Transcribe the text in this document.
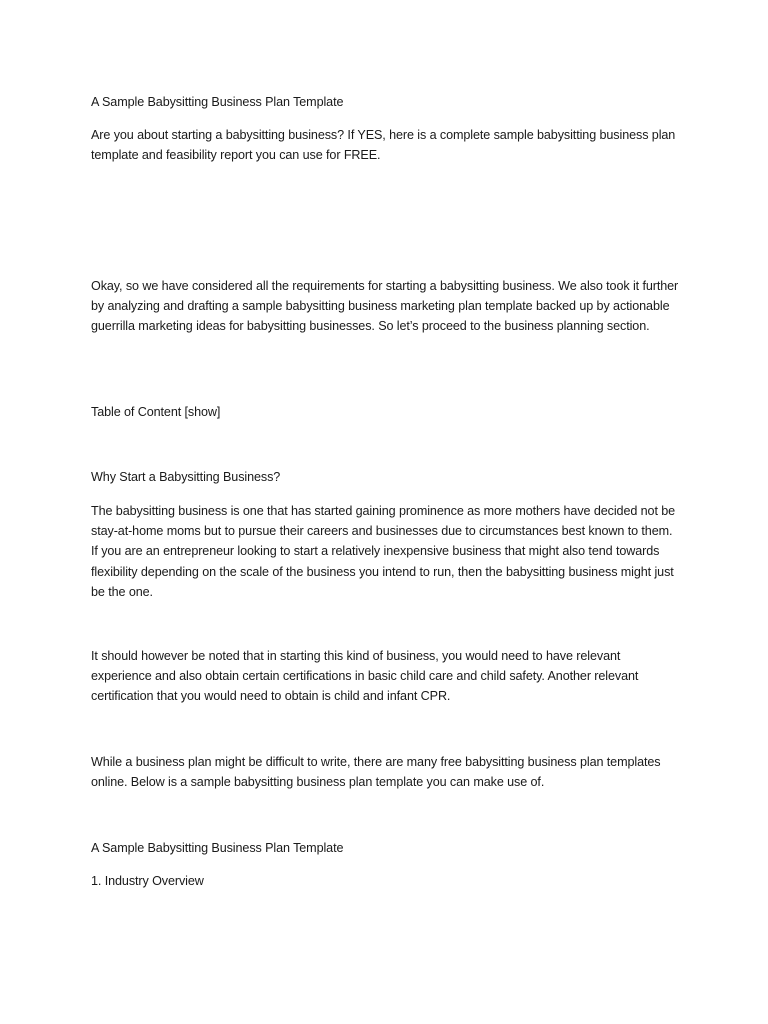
A Sample Babysitting Business Plan Template

Are you about starting a babysitting business? If YES, here is a complete sample babysitting business plan template and feasibility report you can use for FREE.

Okay, so we have considered all the requirements for starting a babysitting business. We also took it further by analyzing and drafting a sample babysitting business marketing plan template backed up by actionable guerrilla marketing ideas for babysitting businesses. So let’s proceed to the business planning section.

Table of Content [show]

Why Start a Babysitting Business?

The babysitting business is one that has started gaining prominence as more mothers have decided not be stay-at-home moms but to pursue their careers and businesses due to circumstances best known to them. If you are an entrepreneur looking to start a relatively inexpensive business that might also tend towards flexibility depending on the scale of the business you intend to run, then the babysitting business might just be the one.

It should however be noted that in starting this kind of business, you would need to have relevant experience and also obtain certain certifications in basic child care and child safety. Another relevant certification that you would need to obtain is child and infant CPR.

While a business plan might be difficult to write, there are many free babysitting business plan templates online. Below is a sample babysitting business plan template you can make use of.

A Sample Babysitting Business Plan Template

1. Industry Overview
